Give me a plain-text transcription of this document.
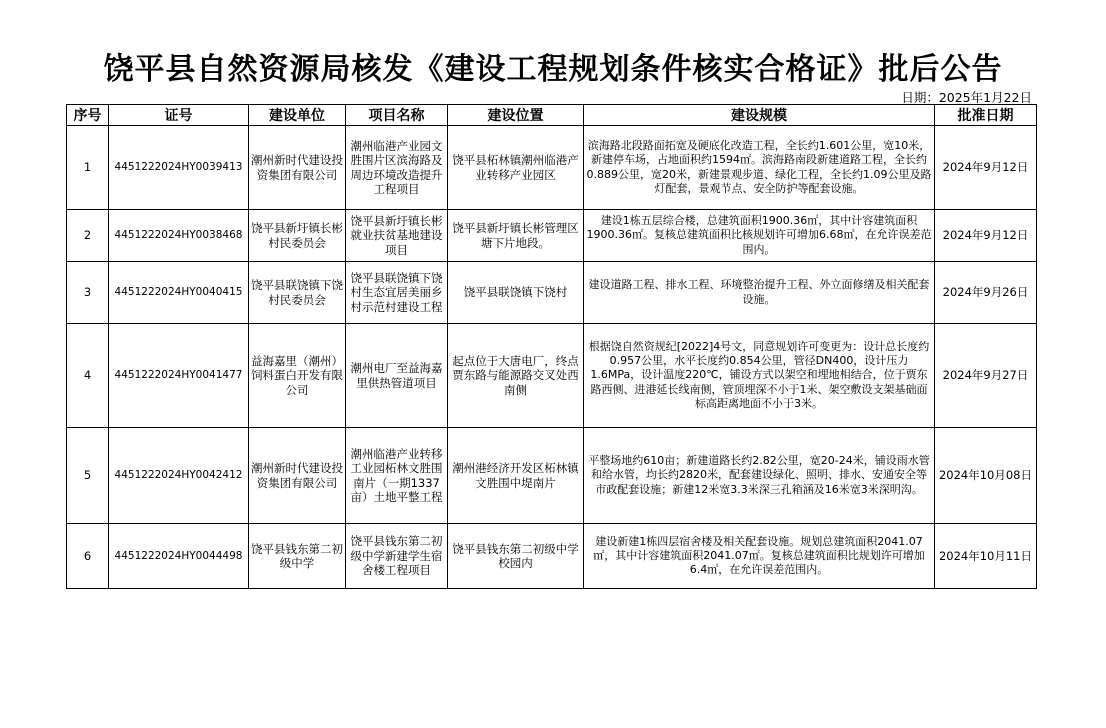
饶平县自然资源局核发《建设工程规划条件核实合格证》批后公告
日期：2025年1月22日
序号	证号	建设单位	项目名称	建设位置	建设规模	批准日期
1	4451222024HY0039413	潮州新时代建设投资集团有限公司	潮州临港产业园文胜围片区滨海路及周边环境改造提升工程项目	饶平县柘林镇潮州临港产业转移产业园区	滨海路北段路面拓宽及硬底化改造工程，全长约1.601公里，宽10米，新建停车场，占地面积约1594㎡。滨海路南段新建道路工程，全长约0.889公里，宽20米，新建景观步道、绿化工程，全长约1.09公里及路灯配套，景观节点、安全防护等配套设施。	2024年9月12日
2	4451222024HY0038468	饶平县新圩镇长彬村民委员会	饶平县新圩镇长彬就业扶贫基地建设项目	饶平县新圩镇长彬管理区塘下片地段。	建设1栋五层综合楼，总建筑面积1900.36㎡，其中计容建筑面积1900.36㎡。复核总建筑面积比核规划许可增加6.68㎡，在允许误差范围内。	2024年9月12日
3	4451222024HY0040415	饶平县联饶镇下饶村民委员会	饶平县联饶镇下饶村生态宜居美丽乡村示范村建设工程	饶平县联饶镇下饶村	建设道路工程、排水工程、环境整治提升工程、外立面修缮及相关配套设施。	2024年9月26日
4	4451222024HY0041477	益海嘉里（潮州）饲料蛋白开发有限公司	潮州电厂至益海嘉里供热管道项目	起点位于大唐电厂，终点贾东路与能源路交叉处西南侧	根据饶自然资规纪[2022]4号文，同意规划许可变更为：设计总长度约0.957公里，水平长度约0.854公里，管径DN400，设计压力1.6MPa，设计温度220℃，铺设方式以架空和埋地相结合，位于贾东路西侧、进港延长线南侧，管顶埋深不小于1米、架空敷设支架基础面标高距离地面不小于3米。	2024年9月27日
5	4451222024HY0042412	潮州新时代建设投资集团有限公司	潮州临港产业转移工业园柘林文胜围南片（一期1337亩）土地平整工程	潮州港经济开发区柘林镇文胜围中堤南片	平整场地约610亩；新建道路长约2.82公里，宽20-24米，铺设雨水管和给水管，均长约2820米，配套建设绿化、照明、排水、安通安全等市政配套设施；新建12米宽3.3米深三孔箱涵及16米宽3米深明沟。	2024年10月08日
6	4451222024HY0044498	饶平县钱东第二初级中学	饶平县钱东第二初级中学新建学生宿舍楼工程项目	饶平县钱东第二初级中学校园内	建设新建1栋四层宿舍楼及相关配套设施。规划总建筑面积2041.07㎡，其中计容建筑面积2041.07㎡。复核总建筑面积比规划许可增加6.4㎡，在允许误差范围内。	2024年10月11日
